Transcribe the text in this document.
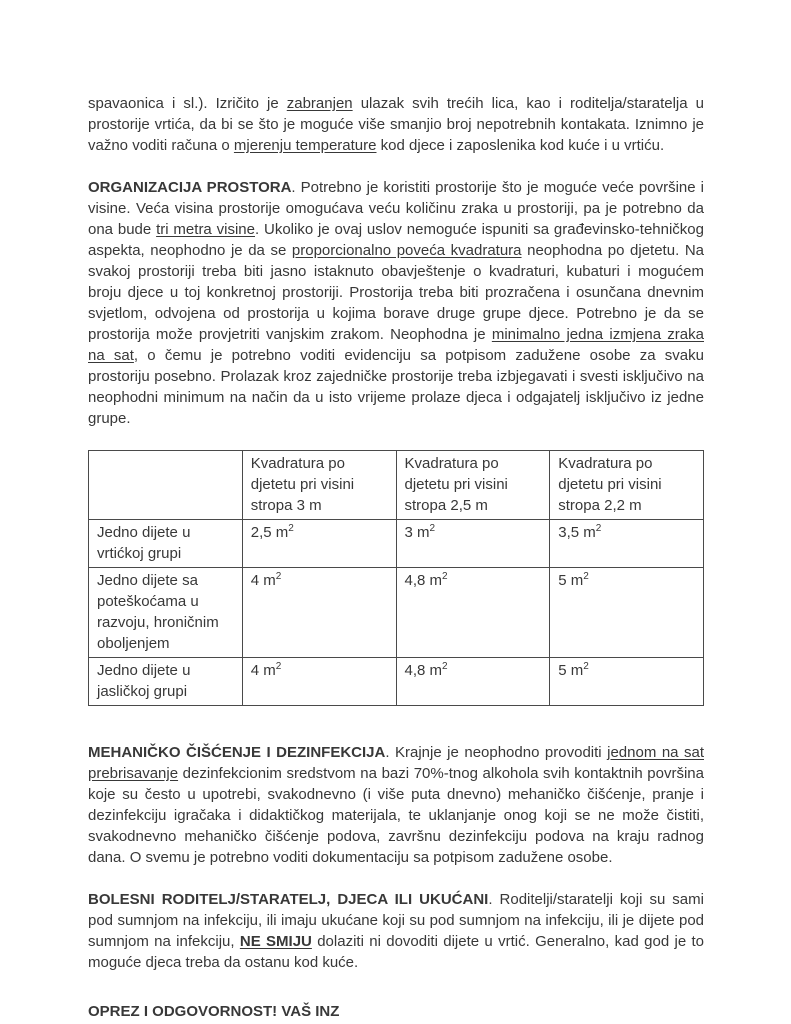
spavaonica i sl.). Izričito je zabranjen ulazak svih trećih lica, kao i roditelja/staratelja u prostorije vrtića, da bi se što je moguće više smanjio broj nepotrebnih kontakata. Iznimno je važno voditi računa o mjerenju temperature kod djece i zaposlenika kod kuće i u vrtiću.

ORGANIZACIJA PROSTORA. Potrebno je koristiti prostorije što je moguće veće površine i visine. Veća visina prostorije omogućava veću količinu zraka u prostoriji, pa je potrebno da ona bude tri metra visine. Ukoliko je ovaj uslov nemoguće ispuniti sa građevinsko-tehničkog aspekta, neophodno je da se proporcionalno poveća kvadratura neophodna po djetetu. Na svakoj prostoriji treba biti jasno istaknuto obavještenje o kvadraturi, kubaturi i mogućem broju djece u toj konkretnoj prostoriji. Prostorija treba biti prozračena i osunčana dnevnim svjetlom, odvojena od prostorija u kojima borave druge grupe djece. Potrebno je da se prostorija može provjetriti vanjskim zrakom. Neophodna je minimalno jedna izmjena zraka na sat, o čemu je potrebno voditi evidenciju sa potpisom zadužene osobe za svaku prostoriju posebno. Prolazak kroz zajedničke prostorije treba izbjegavati i svesti isključivo na neophodni minimum na način da u isto vrijeme prolaze djeca i odgajatelj isključivo iz jedne grupe.

	Kvadratura po djetetu pri visini stropa 3 m	Kvadratura po djetetu pri visini stropa 2,5 m	Kvadratura po djetetu pri visini stropa 2,2 m
Jedno dijete u vrtićkoj grupi	2,5 $m^2$	3 $m^2$	3,5 $m^2$
Jedno dijete sa poteškoćama u razvoju, hroničnim oboljenjem	4 $m^2$	4,8 $m^2$	5 $m^2$
Jedno dijete u jasličkoj grupi	4 $m^2$	4,8 $m^2$	5 $m^2$

MEHANIČKO ČIŠĆENJE I DEZINFEKCIJA. Krajnje je neophodno provoditi jednom na sat prebrisavanje dezinfekcionim sredstvom na bazi 70%-tnog alkohola svih kontaktnih površina koje su često u upotrebi, svakodnevno (i više puta dnevno) mehaničko čišćenje, pranje i dezinfekciju igračaka i didaktičkog materijala, te uklanjanje onog koji se ne može čistiti, svakodnevno mehaničko čišćenje podova, završnu dezinfekciju podova na kraju radnog dana. O svemu je potrebno voditi dokumentaciju sa potpisom zadužene osobe.

BOLESNI RODITELJ/STARATELJ, DJECA ILI UKUĆANI. Roditelji/staratelji koji su sami pod sumnjom na infekciju, ili imaju ukućane koji su pod sumnjom na infekciju, ili je dijete pod sumnjom na infekciju, NE SMIJU dolaziti ni dovoditi dijete u vrtić. Generalno, kad god je to moguće djeca treba da ostanu kod kuće.

OPREZ I ODGOVORNOST! VAŠ INZ
